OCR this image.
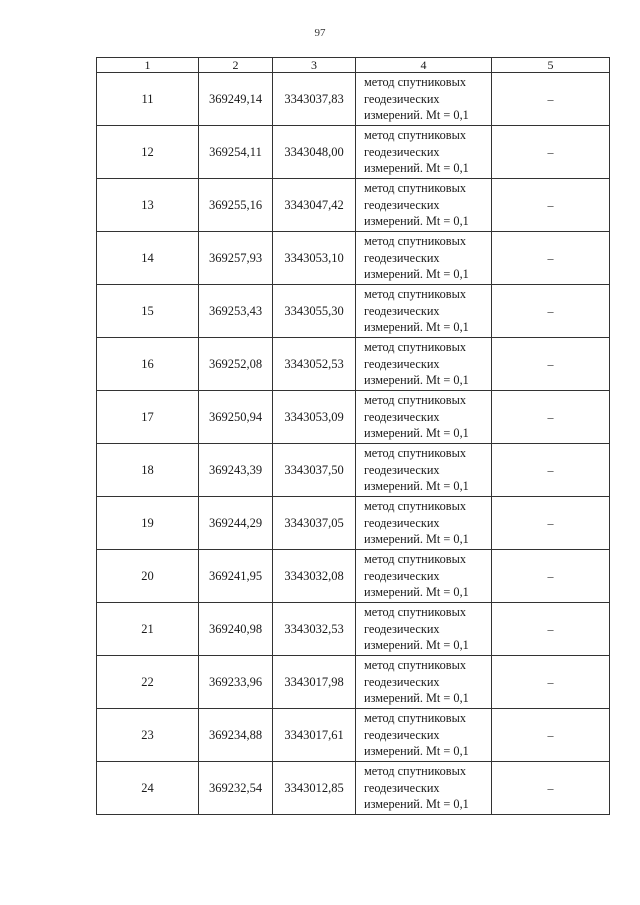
97
1	2	3	4	5
11	369249,14	3343037,83	метод спутниковых
геодезических
измерений. Mt = 0,1	–
12	369254,11	3343048,00	метод спутниковых
геодезических
измерений. Mt = 0,1	–
13	369255,16	3343047,42	метод спутниковых
геодезических
измерений. Mt = 0,1	–
14	369257,93	3343053,10	метод спутниковых
геодезических
измерений. Mt = 0,1	–
15	369253,43	3343055,30	метод спутниковых
геодезических
измерений. Mt = 0,1	–
16	369252,08	3343052,53	метод спутниковых
геодезических
измерений. Mt = 0,1	–
17	369250,94	3343053,09	метод спутниковых
геодезических
измерений. Mt = 0,1	–
18	369243,39	3343037,50	метод спутниковых
геодезических
измерений. Mt = 0,1	–
19	369244,29	3343037,05	метод спутниковых
геодезических
измерений. Mt = 0,1	–
20	369241,95	3343032,08	метод спутниковых
геодезических
измерений. Mt = 0,1	–
21	369240,98	3343032,53	метод спутниковых
геодезических
измерений. Mt = 0,1	–
22	369233,96	3343017,98	метод спутниковых
геодезических
измерений. Mt = 0,1	–
23	369234,88	3343017,61	метод спутниковых
геодезических
измерений. Mt = 0,1	–
24	369232,54	3343012,85	метод спутниковых
геодезических
измерений. Mt = 0,1	–
